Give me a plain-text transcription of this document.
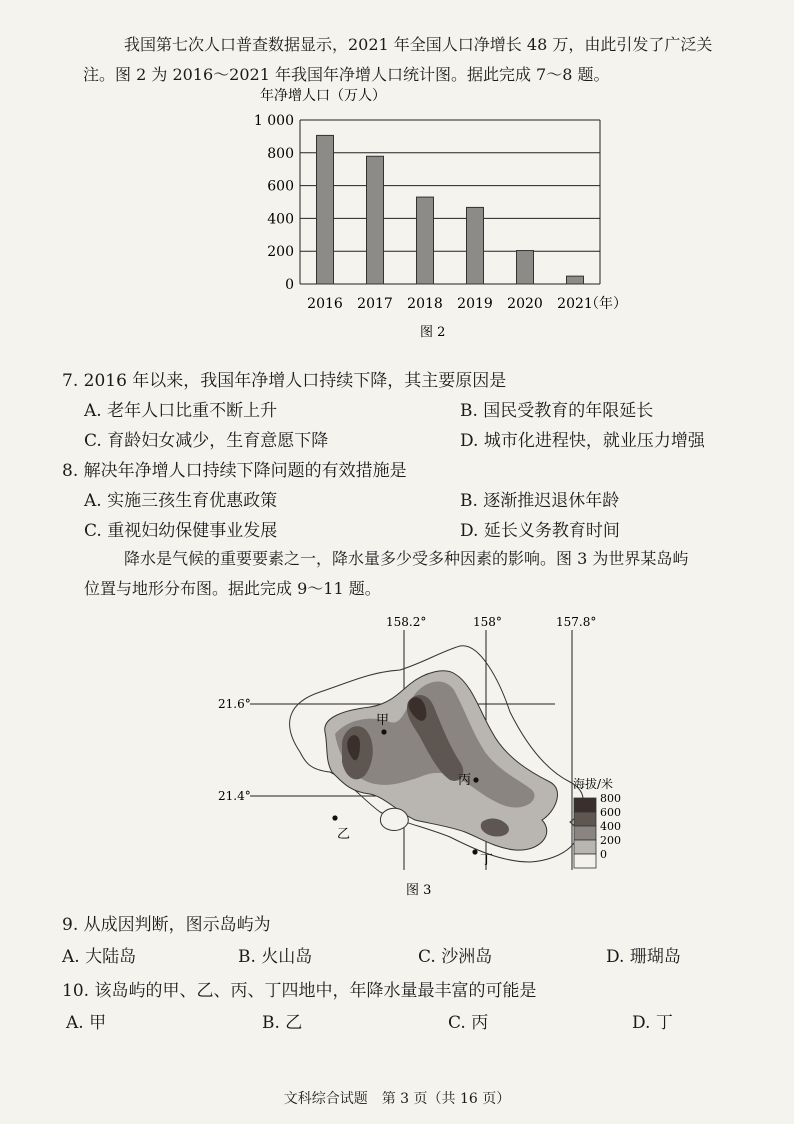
我国第七次人口普查数据显示，2021 年全国人口净增长 48 万，由此引发了广泛关
注。图 2 为 2016～2021 年我国年净增人口统计图。据此完成 7～8 题。
年净增人口（万人）
0
200
400
600
800
1 000
2016 2017 2018 2019 2020 2021
（年）
图 2
7. 2016 年以来，我国年净增人口持续下降，其主要原因是
A. 老年人口比重不断上升	B. 国民受教育的年限延长
C. 育龄妇女减少，生育意愿下降	D. 城市化进程快，就业压力增强
8. 解决年净增人口持续下降问题的有效措施是
A. 实施三孩生育优惠政策	B. 逐渐推迟退休年龄
C. 重视妇幼保健事业发展	D. 延长义务教育时间
降水是气候的重要要素之一，降水量多少受多种因素的影响。图 3 为世界某岛屿
位置与地形分布图。据此完成 9～11 题。
158.2°	158°	157.8°
21.6°
21.4°
甲
乙
丙
丁
海拔/米
800
600
400
200
0
图 3
9. 从成因判断，图示岛屿为
A. 大陆岛	B. 火山岛	C. 沙洲岛	D. 珊瑚岛
10. 该岛屿的甲、乙、丙、丁四地中，年降水量最丰富的可能是
A. 甲	B. 乙	C. 丙	D. 丁
文科综合试题　第 3 页（共 16 页）
